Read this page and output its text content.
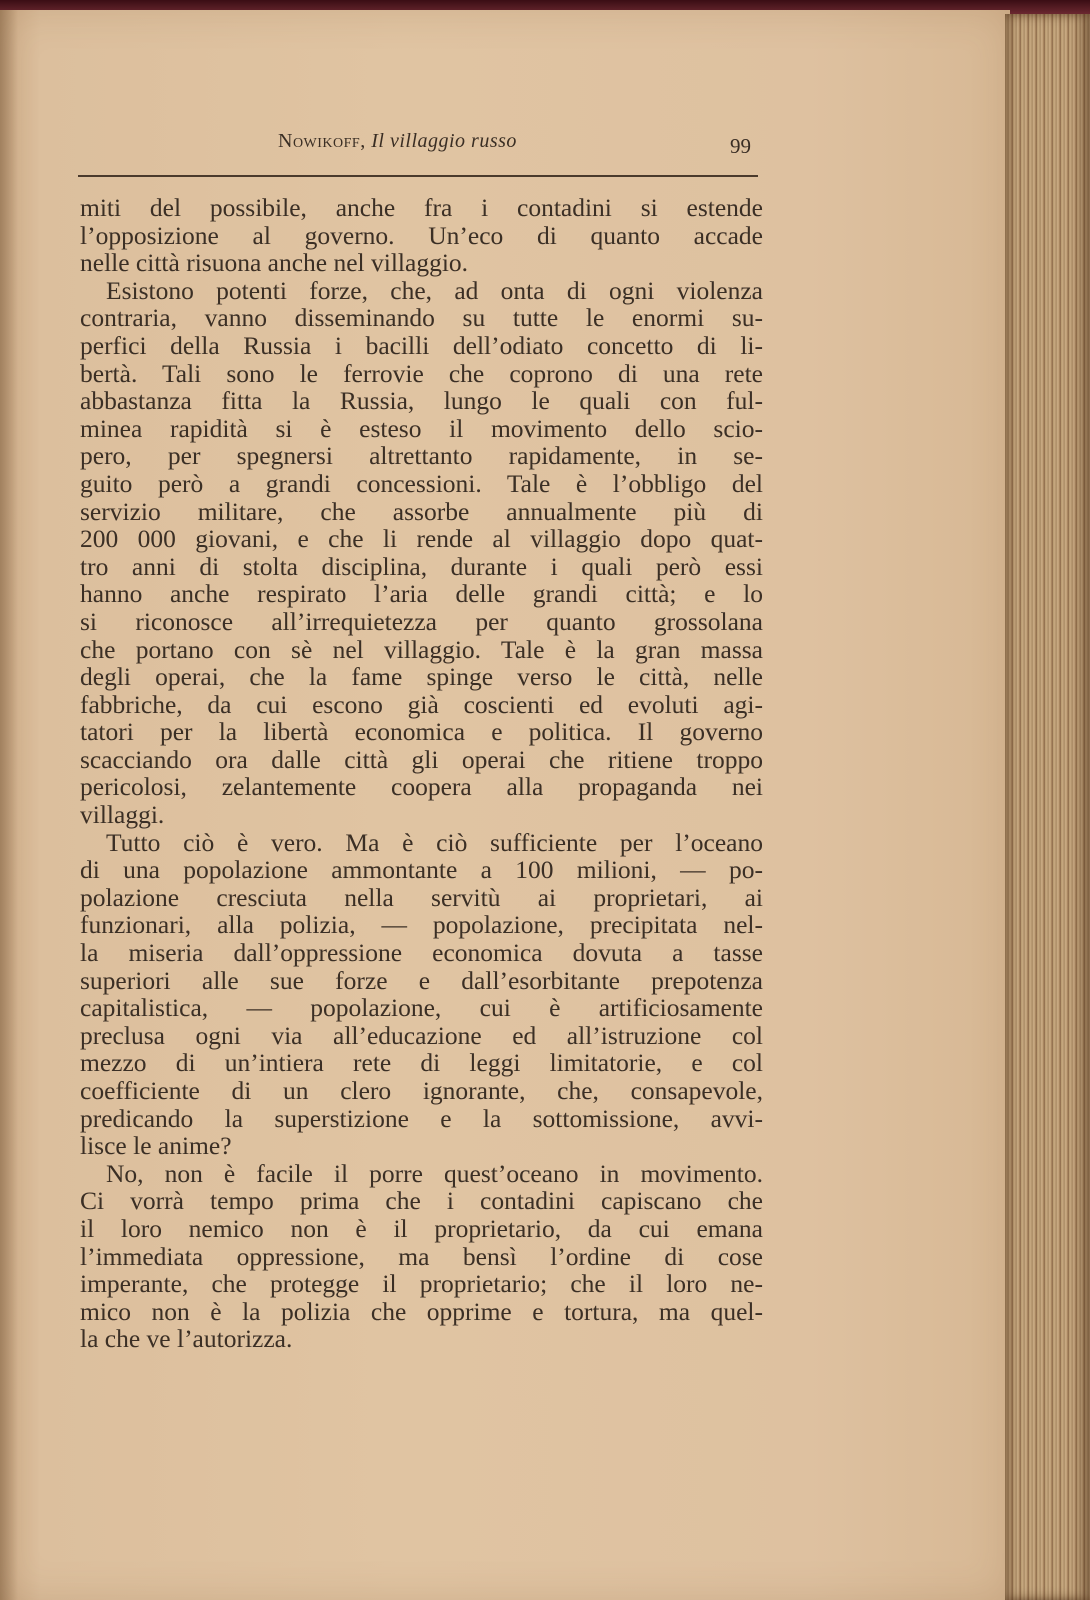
Nowikoff, Il villaggio russo	99
miti del possibile, anche fra i contadini si estende
l’opposizione al governo. Un’eco di quanto accade
nelle città risuona anche nel villaggio.
Esistono potenti forze, che, ad onta di ogni violenza
contraria, vanno disseminando su tutte le enormi su-
perfici della Russia i bacilli dell’odiato concetto di li-
bertà. Tali sono le ferrovie che coprono di una rete
abbastanza fitta la Russia, lungo le quali con ful-
minea rapidità si è esteso il movimento dello scio-
pero, per spegnersi altrettanto rapidamente, in se-
guito però a grandi concessioni. Tale è l’obbligo del
servizio militare, che assorbe annualmente più di
200 000 giovani, e che li rende al villaggio dopo quat-
tro anni di stolta disciplina, durante i quali però essi
hanno anche respirato l’aria delle grandi città; e lo
si riconosce all’irrequietezza per quanto grossolana
che portano con sè nel villaggio. Tale è la gran massa
degli operai, che la fame spinge verso le città, nelle
fabbriche, da cui escono già coscienti ed evoluti agi-
tatori per la libertà economica e politica. Il governo
scacciando ora dalle città gli operai che ritiene troppo
pericolosi, zelantemente coopera alla propaganda nei
villaggi.
Tutto ciò è vero. Ma è ciò sufficiente per l’oceano
di una popolazione ammontante a 100 milioni, — po-
polazione cresciuta nella servitù ai proprietari, ai
funzionari, alla polizia, — popolazione, precipitata nel-
la miseria dall’oppressione economica dovuta a tasse
superiori alle sue forze e dall’esorbitante prepotenza
capitalistica, — popolazione, cui è artificiosamente
preclusa ogni via all’educazione ed all’istruzione col
mezzo di un’intiera rete di leggi limitatorie, e col
coefficiente di un clero ignorante, che, consapevole,
predicando la superstizione e la sottomissione, avvi-
lisce le anime?
No, non è facile il porre quest’oceano in movimento.
Ci vorrà tempo prima che i contadini capiscano che
il loro nemico non è il proprietario, da cui emana
l’immediata oppressione, ma bensì l’ordine di cose
imperante, che protegge il proprietario; che il loro ne-
mico non è la polizia che opprime e tortura, ma quel-
la che ve l’autorizza.
